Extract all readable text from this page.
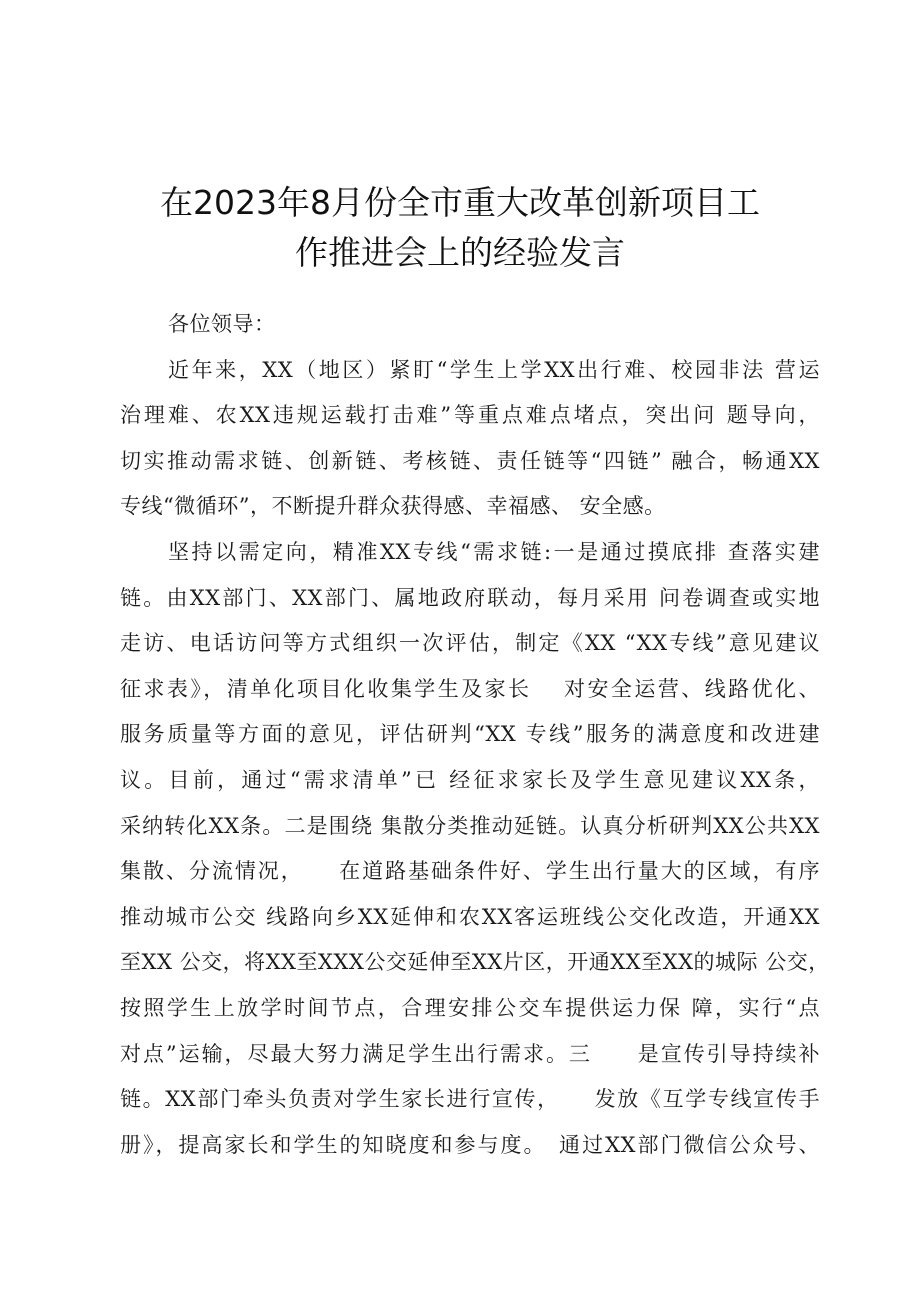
在2023年8月份全市重大改革创新项目工
作推进会上的经验发言
各位领导：
近年来，XX（地区）紧盯“学生上学XX出行难、校园非法 营运
治理难、农XX违规运载打击难”等重点难点堵点，突出问 题导向，
切实推动需求链、创新链、考核链、责任链等“四链” 融合，畅通XX
专线“微循环”，不断提升群众获得感、幸福感、 安全感。
坚持以需定向，精准XX专线“需求链:一是通过摸底排 查落实建
链。由XX部门、XX部门、属地政府联动，每月采用 问卷调查或实地
走访、电话访问等方式组织一次评估，制定《XX “XX专线”意见建议
征求表》，清单化项目化收集学生及家长　 对安全运营、线路优化、
服务质量等方面的意见，评估研判“XX 专线”服务的满意度和改进建
议。目前，通过“需求清单”已 经征求家长及学生意见建议XX条，
采纳转化XX条。二是围绕 集散分类推动延链。认真分析研判XX公共XX
集散、分流情况，　　在道路基础条件好、学生出行量大的区域，有序
推动城市公交 线路向乡XX延伸和农XX客运班线公交化改造，开通XX
至XX 公交，将XX至XXX公交延伸至XX片区，开通XX至XX的城际 公交，
按照学生上放学时间节点，合理安排公交车提供运力保 障，实行“点
对点”运输，尽最大努力满足学生出行需求。三　　是宣传引导持续补
链。XX部门牵头负责对学生家长进行宣传，　　发放《互学专线宣传手
册》，提高家长和学生的知晓度和参与度。　通过XX部门微信公众号、
